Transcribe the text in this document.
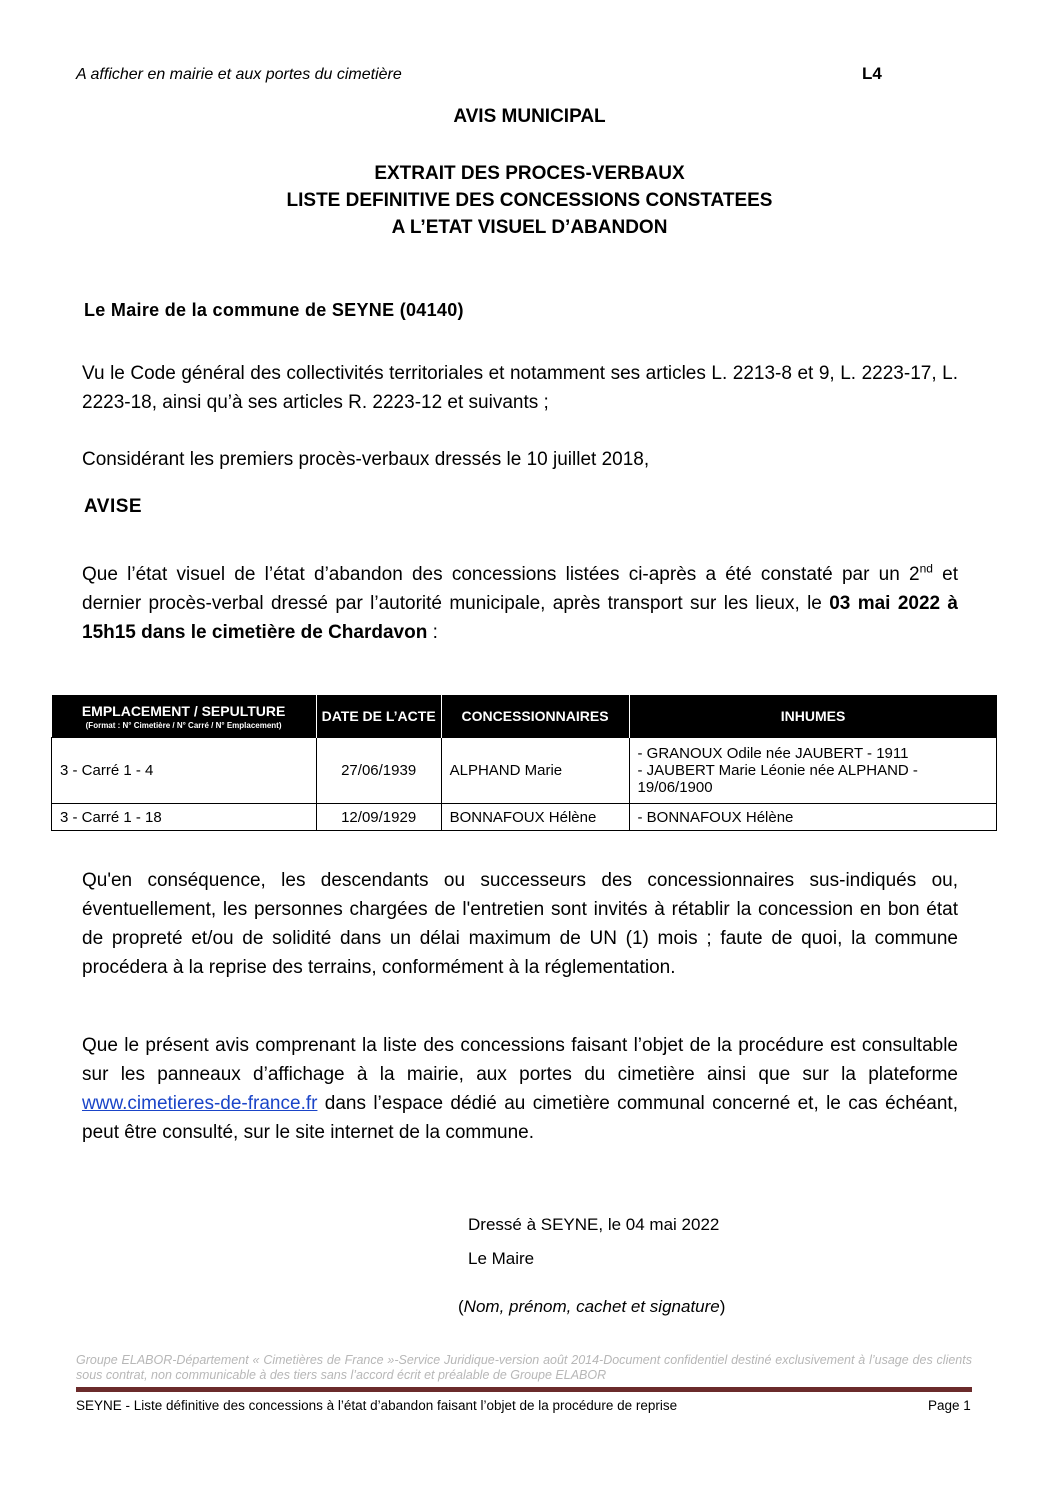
A afficher en mairie et aux portes du cimetière	L4
AVIS MUNICIPAL
EXTRAIT DES PROCES-VERBAUX
LISTE DEFINITIVE DES CONCESSIONS CONSTATEES
A L’ETAT VISUEL D’ABANDON
Le Maire de la commune de SEYNE (04140)
Vu le Code général des collectivités territoriales et notamment ses articles L. 2213-8 et 9, L. 2223-17, L. 2223-18, ainsi qu’à ses articles R. 2223-12 et suivants ;
Considérant les premiers procès-verbaux dressés le 10 juillet 2018,
AVISE
Que l’état visuel de l’état d’abandon des concessions listées ci-après a été constaté par un 2nd et dernier procès-verbal dressé par l’autorité municipale, après transport sur les lieux, le 03 mai 2022 à 15h15 dans le cimetière de Chardavon :
EMPLACEMENT / SEPULTURE
(Format : N° Cimetière / N° Carré / N° Emplacement)	DATE DE L’ACTE	CONCESSIONNAIRES	INHUMES
3 - Carré 1 - 4	27/06/1939	ALPHAND Marie	- GRANOUX Odile née JAUBERT - 1911
- JAUBERT Marie Léonie née ALPHAND - 19/06/1900

3 - Carré 1 - 18	12/09/1929	BONNAFOUX Hélène	- BONNAFOUX Hélène
Qu'en conséquence, les descendants ou successeurs des concessionnaires sus-indiqués ou, éventuellement, les personnes chargées de l'entretien sont invités à rétablir la concession en bon état de propreté et/ou de solidité dans un délai maximum de UN (1) mois ; faute de quoi, la commune procédera à la reprise des terrains, conformément à la réglementation.
Que le présent avis comprenant la liste des concessions faisant l’objet de la procédure est consultable sur les panneaux d’affichage à la mairie, aux portes du cimetière ainsi que sur la plateforme www.cimetieres-de-france.fr dans l’espace dédié au cimetière communal concerné et, le cas échéant, peut être consulté, sur le site internet de la commune.
Dressé à SEYNE, le 04 mai 2022
Le Maire
(Nom, prénom, cachet et signature)
Groupe ELABOR-Département « Cimetières de France »-Service Juridique-version août 2014-Document confidentiel destiné exclusivement à l’usage des clients sous contrat, non communicable à des tiers sans l’accord écrit et préalable de Groupe ELABOR
SEYNE - Liste définitive des concessions à l’état d’abandon faisant l’objet de la procédure de reprise	Page 1
